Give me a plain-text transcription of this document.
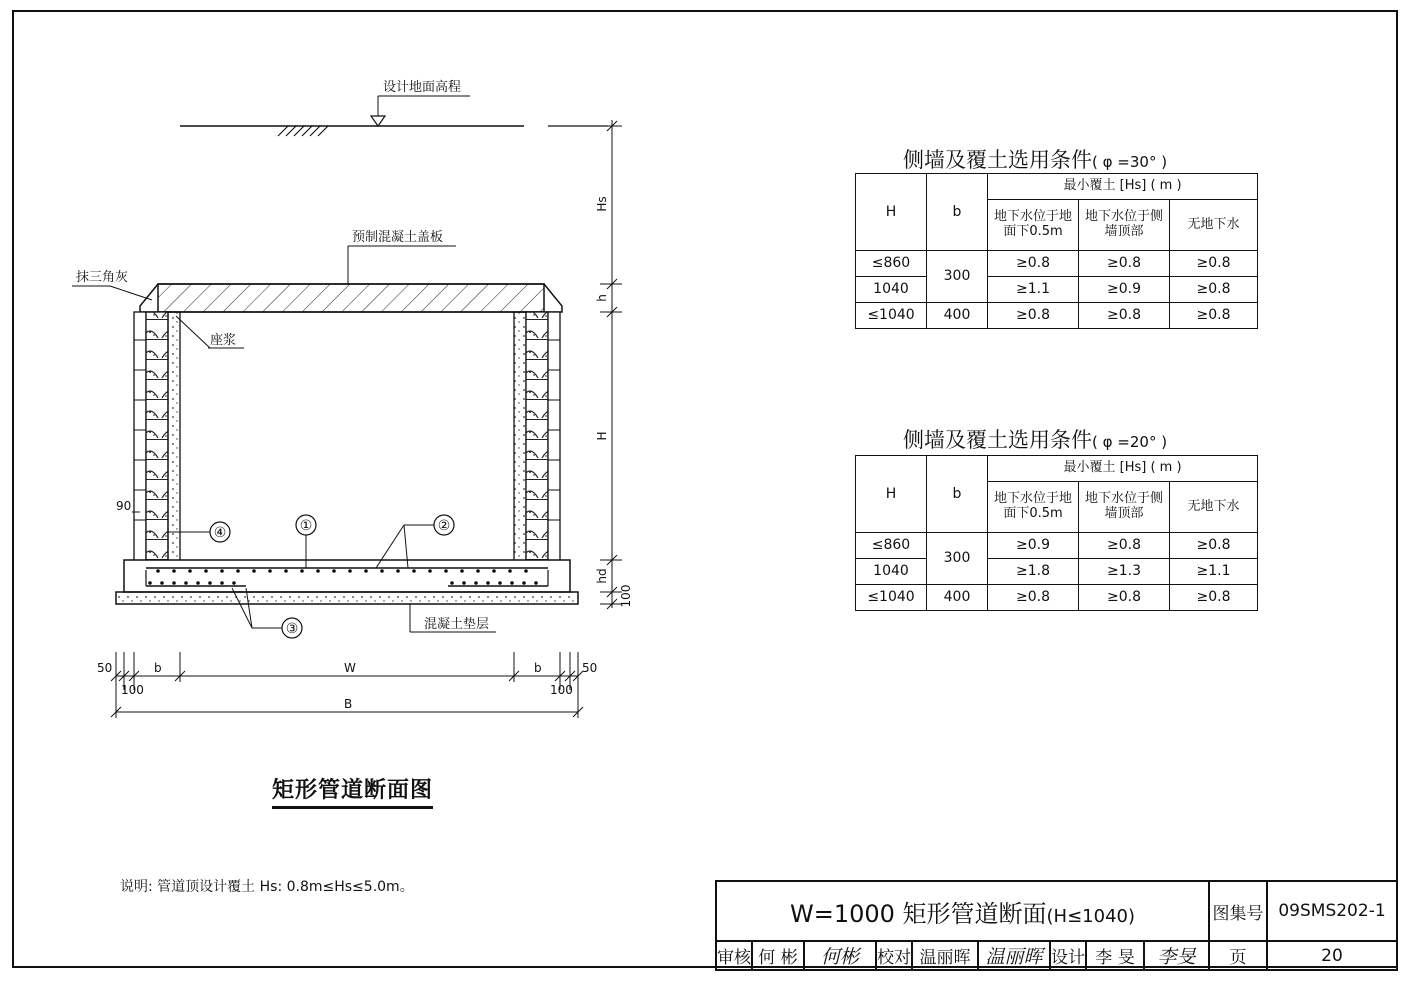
设计地面高程
预制混凝土盖板
抹三角灰
座浆
混凝土垫层
①	②
③
④
90
Hs
h
H
hd
100
50
100
b	W	b	50
100
B
矩形管道断面图
侧墙及覆土选用条件( φ =30° )
H	b	最小覆土 [Hs] ( m )		
		地下水位于地面下0.5m	地下水位于侧墙顶部	无地下水
≤860	300	≥0.8	≥0.8	≥0.8
1040		≥1.1	≥0.9	≥0.8
≤1040	400	≥0.8	≥0.8	≥0.8
侧墙及覆土选用条件( φ =20° )
H	b	最小覆土 [Hs] ( m )		
		地下水位于地面下0.5m	地下水位于侧墙顶部	无地下水
≤860	300	≥0.9	≥0.8	≥0.8
1040		≥1.8	≥1.3	≥1.1
≤1040	400	≥0.8	≥0.8	≥0.8
说明: 管道顶设计覆土 Hs: 0.8m≤Hs≤5.0m。
W=1000 矩形管道断面(H≤1040)									图集号	09SMS202-1
审核	何 彬	何彬	校对	温丽晖	温丽晖	设计	李 旻	李旻	页	20
